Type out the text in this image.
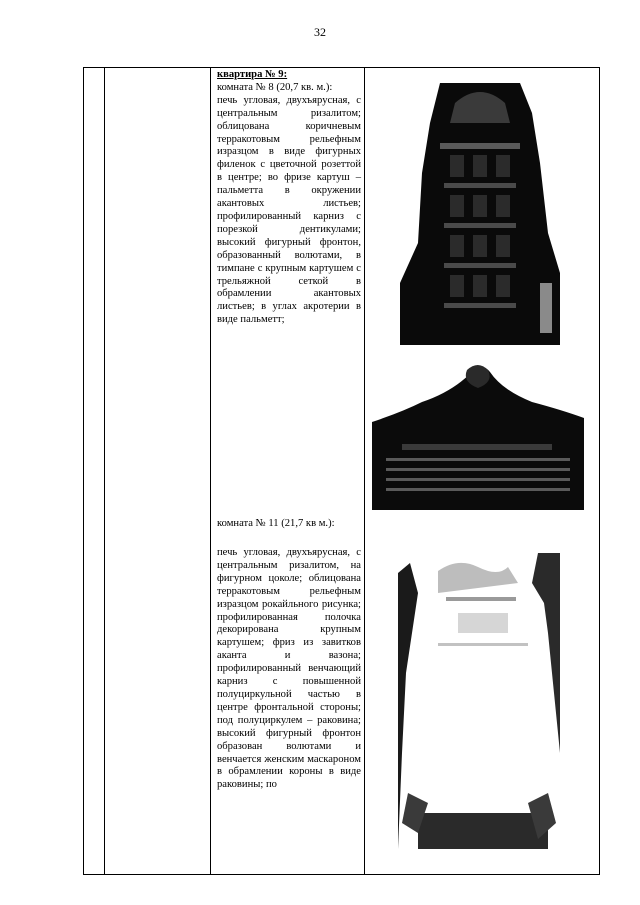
32

квартира № 9:

комната № 8 (20,7 кв. м.):

печь угловая, двухъярусная, с центральным ризалитом; облицована коричневым терракотовым рельефным изразцом в виде фигурных филенок с цветочной розеттой в центре; во фризе картуш – пальметта в окружении акантовых листьев; профилированный карниз с порезкой дентикулами; высокий фигурный фронтон, образованный волютами, в тимпане с крупным картушем с трельяжной сеткой в обрамлении акантовых листьев; в углах акротерии в виде пальметт;

комната № 11 (21,7 кв м.):

печь угловая, двухъярусная, с центральным ризалитом, на фигурном цоколе; облицована терракотовым рельефным изразцом рокайльного рисунка; профилированная полочка декорирована крупным картушем; фриз из завитков аканта и вазона; профилированный венчающий карниз с повышенной полуциркульной частью в центре фронтальной стороны; под полуциркулем – раковина; высокий фигурный фронтон образован волютами и венчается женским маскароном в обрамлении короны в виде раковины; по
